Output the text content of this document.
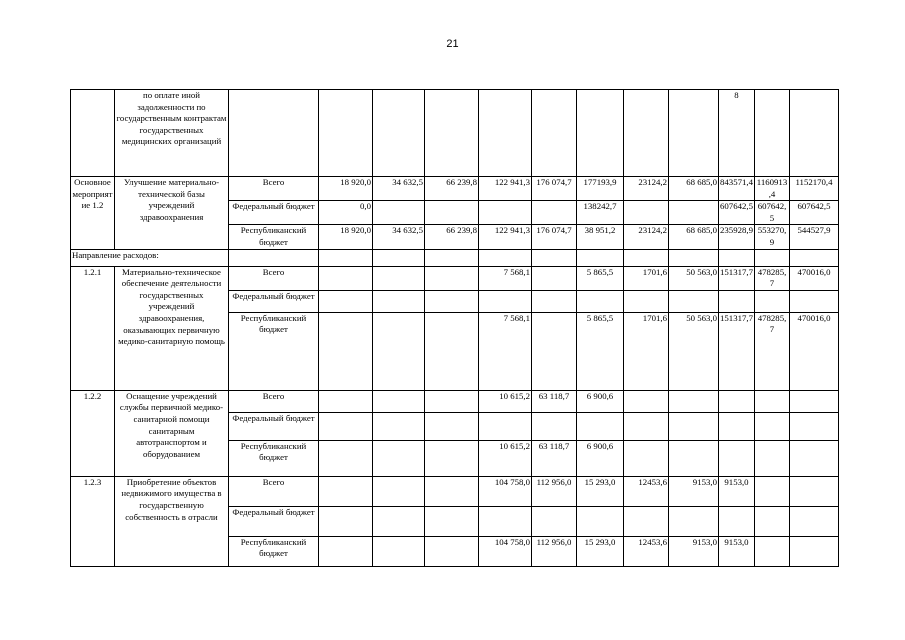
21
	по оплате иной задолженности по государственным контрактам государственных медицинских организаций										8		
Основное мероприятие 1.2	Улучшение материально-технической базы учреждений здравоохранения	Всего	18 920,0	34 632,5	66 239,8	122 941,3	176 074,7	177193,9	23124,2	68 685,0	843571,4	1160913,4	1152170,4
		Федеральный бюджет	0,0					138242,7			607642,5	607642,5	607642,5
		Республиканский бюджет	18 920,0	34 632,5	66 239,8	122 941,3	176 074,7	38 951,2	23124,2	68 685,0	235928,9	553270,9	544527,9
Направление расходов:													
1.2.1	Материально-техническое обеспечение деятельности государственных учреждений здравоохранения, оказывающих первичную медико-санитарную помощь	Всего				7 568,1		5 865,5	1701,6	50 563,0	151317,7	478285,7	470016,0
		Федеральный бюджет											
		Республиканский бюджет				7 568,1		5 865,5	1701,6	50 563,0	151317,7	478285,7	470016,0
1.2.2	Оснащение учреждений службы первичной медико-санитарной помощи санитарным автотранспортом и оборудованием	Всего				10 615,2	63 118,7	6 900,6					
		Федеральный бюджет											
		Республиканский бюджет				10 615,2	63 118,7	6 900,6					
1.2.3	Приобретение объектов недвижимого имущества в государственную собственность в отрасли	Всего				104 758,0	112 956,0	15 293,0	12453,6	9153,0	9153,0		
		Федеральный бюджет											
		Республиканский бюджет				104 758,0	112 956,0	15 293,0	12453,6	9153,0	9153,0		
